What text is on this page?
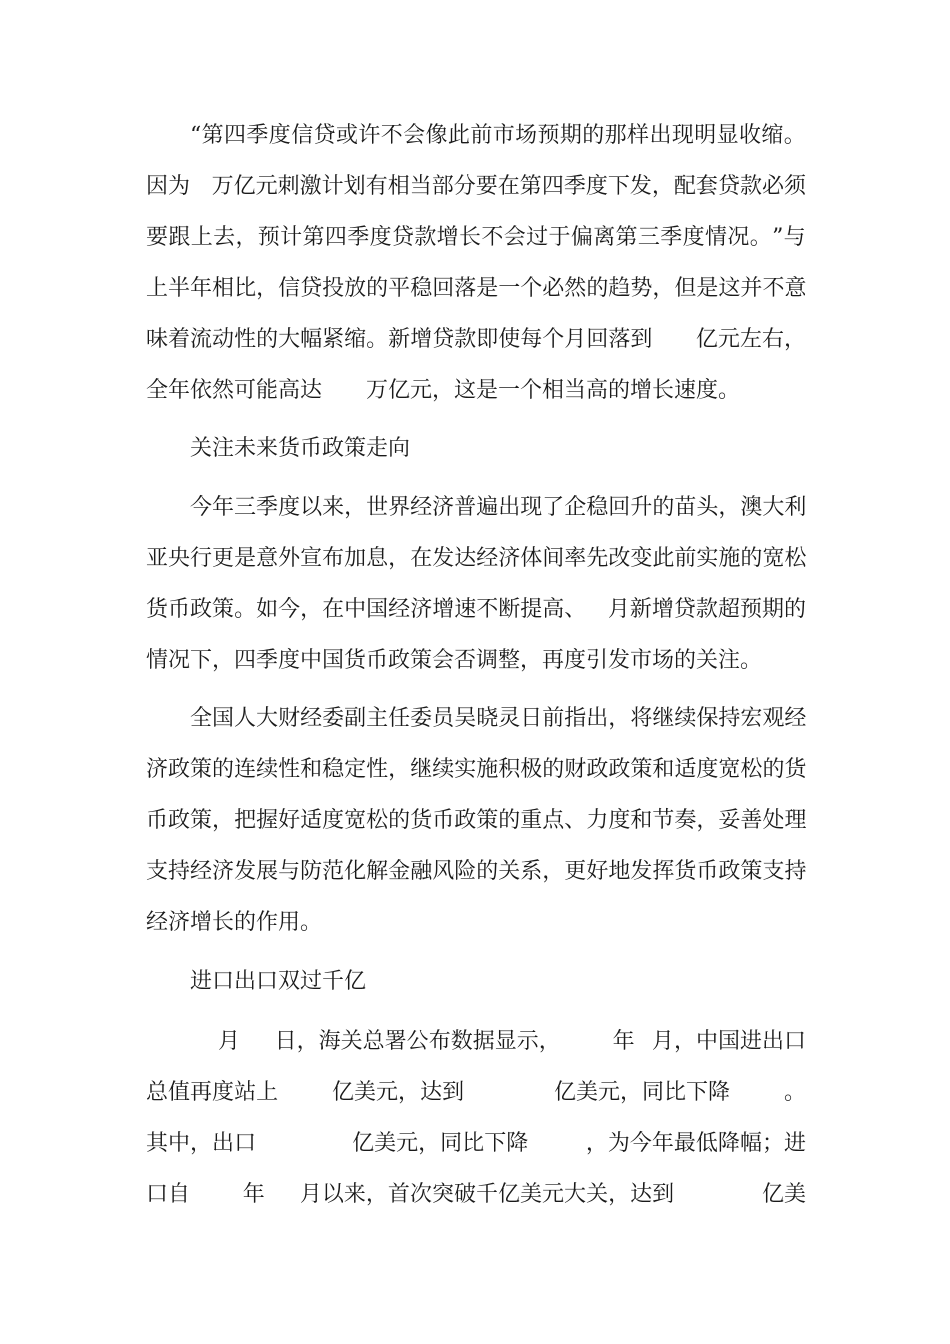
“ 第 四 季 度 信 贷 或 许 不 会 像 此 前 市 场 预 期 的 那 样 出 现 明 显 收 缩 。
因 为
万 亿 元 刺 激 计 划 有 相 当 部 分 要 在 第 四 季 度 下 发 ， 配 套 贷 款 必 须
要 跟 上 去 ， 预 计 第 四 季 度 贷 款 增 长 不 会 过 于 偏 离 第 三 季 度 情 况 。 ” 与
上 半 年 相 比 ， 信 贷 投 放 的 平 稳 回 落 是 一 个 必 然 的 趋 势 ， 但 是 这 并 不 意
味 着 流 动 性 的 大 幅 紧 缩 。 新 增 贷 款 即 使 每 个 月 回 落 到

亿 元 左 右 ，
全年依然可能高达　　万亿元，这是一个相当高的增长速度。
关注未来货币政策走向
今 年 三 季 度 以 来 ， 世 界 经 济 普 遍 出 现 了 企 稳 回 升 的 苗 头 ， 澳 大 利
亚 央 行 更 是 意 外 宣 布 加 息 ， 在 发 达 经 济 体 间 率 先 改 变 此 前 实 施 的 宽 松
货 币 政 策 。 如 今 ， 在 中 国 经 济 增 速 不 断 提 高 、
月 新 增 贷 款 超 预 期 的
情况下，四季度中国货币政策会否调整，再度引发市场的关注。
全 国 人 大 财 经 委 副 主 任 委 员 吴 晓 灵 日 前 指 出 ， 将 继 续 保 持 宏 观 经
济 政 策 的 连 续 性 和 稳 定 性 ， 继 续 实 施 积 极 的 财 政 政 策 和 适 度 宽 松 的 货
币 政 策 ， 把 握 好 适 度 宽 松 的 货 币 政 策 的 重 点 、 力 度 和 节 奏 ， 妥 善 处 理
支 持 经 济 发 展 与 防 范 化 解 金 融 风 险 的 关 系 ， 更 好 地 发 挥 货 币 政 策 支 持
经济增长的作用。
进口出口双过千亿
月

日 ， 海 关 总 署 公 布 数 据 显 示 ，

年
月 ， 中 国 进 出 口
总 值 再 度 站 上

亿 美 元 ， 达 到

	亿 美 元 ， 同 比 下 降

。
其 中 ， 出 口

	亿 美 元 ， 同 比 下 降

	， 为 今 年 最 低 降 幅 ； 进
口 自

年

月 以 来 ， 首 次 突 破 千 亿 美 元 大 关 ， 达 到

	亿 美
